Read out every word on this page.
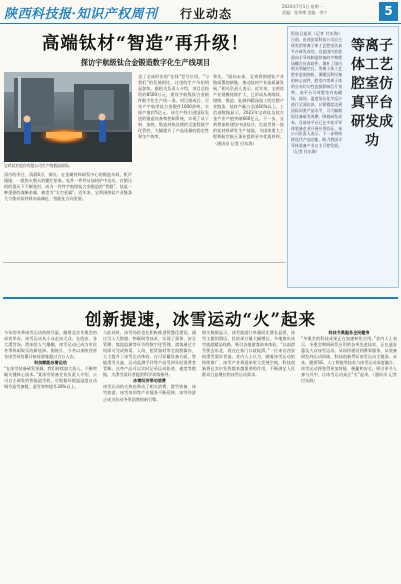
陕西科技报·知识产权周刊 行业动态
2024年7月1日 星期一
责编：张华博 美编：李宁	5
高端钛材“智造”再升级！
探访宇航级钛合金锻造数字化生产线项目
宝鸡钛业股份有限公司生产线锻造现场。
清冷的冬日，清晨6点，测点。在金属材料研发中心的锻造车间，机声隆隆，一派热火朝天的繁忙景象。轧件一件件从加热炉中送出，在锻压机的重压下不断变形，成为一件件宇航级钛合金锻造的“骨骼”。钛是一种重要的战略金属，被誉为“太空金属”。近年来，宝鸡围绕钛产业链条大力推动钛材料向高端化、智能化方向发展。
也了全成形业的“在线”型号应用。“与我们”的发展相比，这里的生产节拍明显加快。据相关负责人介绍，项目总投资约8500万元，建设宇航级钛合金锻件数字化生产线一条。项目建成后，可年产宇航用钛合金锻件1000余吨，实现产值约5亿元。该生产线引进国际先进的锻造设备和控制系统，实现了从下料、加热、锻造到热处理的全流程数字化管控，大幅提升了产品质量的稳定性和生产效率。
领先。“面向未来，宝鸡将围绕钛产业链部署创新链，推动钛材产业高质量发展。”相关负责人表示。近年来，宝鸡钛产业规模持续扩大，已形成从海绵钛、熔铸、锻造、轧制到精深加工的完整产业链条，钛材产量占全国60%以上。工信部数据显示，2023年宝鸡钛及钛合金产业产值突破600亿元。下一步，宝鸡将加快建设中国钛谷，打造世界一流的钛材料研发生产基地，为国家重大工程和航空航天事业提供更多优质材料。（通讯员 记者 付东海）
科技日报讯（记者 付东海）日前，由西安某科技公司自主研发的等离子体工艺腔室仿真平台研发成功。这是国内首款面向半导体制造装备的多物理场耦合仿真软件，填补了国内相关领域空白。等离子体工艺腔室是刻蚀机、薄膜沉积设备的核心部件，腔室内等离子体的分布均匀性直接影响芯片良率。该平台可对腔室内电磁场、流场、温度场及化学反应进行全面仿真，计算精度达到国际同类产品水平，可大幅缩短设备研发周期，降低研发成本。目前该平台已在多家半导体装备企业开展应用验证。该公司负责人表示，下一步将持续迭代产品功能，助力我国半导体装备产业自主可控发展。（记者 付东海）
等离子体工艺腔室仿真平台研发成功
创新提速，冰雪运动“火”起来
今年的冬季冰雪运动持续升温。随着北京冬奥会的成功举办，冰雪运动从小众走向大众。在西安，各大滑雪场、滑冰馆人气爆棚，冰雪运动已成为市民冬季休闲娱乐的新选择。据统计，今冬以来陕西省各冰雪场馆累计接待游客超过百万人次。
科技赋能冰雪运动
“在冰雪装备研发领域，我们持续加大投入，不断突破关键核心技术。”某冰雪装备企业负责人介绍，公司自主研发的智能造雪机，可根据环境温湿度自动调节造雪参数，造雪效率提升30%以上。
与此同时，冰雪场馆也在积极推进智慧化建设。通过引入大数据、物联网等技术，实现了票务、安全管理、客流监测等环节的数字化管理。游客通过手机即可完成购票、入场、租赁器材等全流程操作，大大提升了冰雪运动体验。在可穿戴设备方面，智能滑雪头盔、运动监测手环等产品受到年轻消费者青睐，这些产品可以实时记录运动轨迹、速度等数据，为滑雪爱好者提供科学训练指导。
冰雪经济带动消费
冰雪运动的火热也带动了相关消费。滑雪装备、冰雪旅游、冰雪培训等产业链条不断延伸，冰雪经济正成为拉动冬季消费的新引擎。
相关数据显示，冰雪旅游订单量同比增长显著，冰雪主题的酒店、民宿预订量大幅增长。多地推出冰雪旅游精品线路，吸引各地游客前来体验。“以前滑雪要去东北，现在在家门口就能滑。”一位来自西安的滑雪爱好者说。业内人士认为，随着冰雪运动的持续推广，冰雪产业将迎来更大发展空间，科技创新将在其中发挥越来越重要的作用，不断满足人民群众日益增长的冰雪运动需求。
科技冬奥服务全民健身
“冬奥会的科技成果正在加速转化应用。”业内人士表示，冬奥会期间研发应用的各项先进技术，正在逐步惠及大众冰雪运动。从场馆建设到赛事服务，从装备研发到运动训练，科技创新贯穿冰雪运动全链条。未来，随着5G、人工智能等技术与冰雪运动深度融合，冰雪运动将变得更加智能、便捷和安全，吸引更多人参与其中，让冰雪运动真正“火”起来。（通讯员 记者 付东海）
